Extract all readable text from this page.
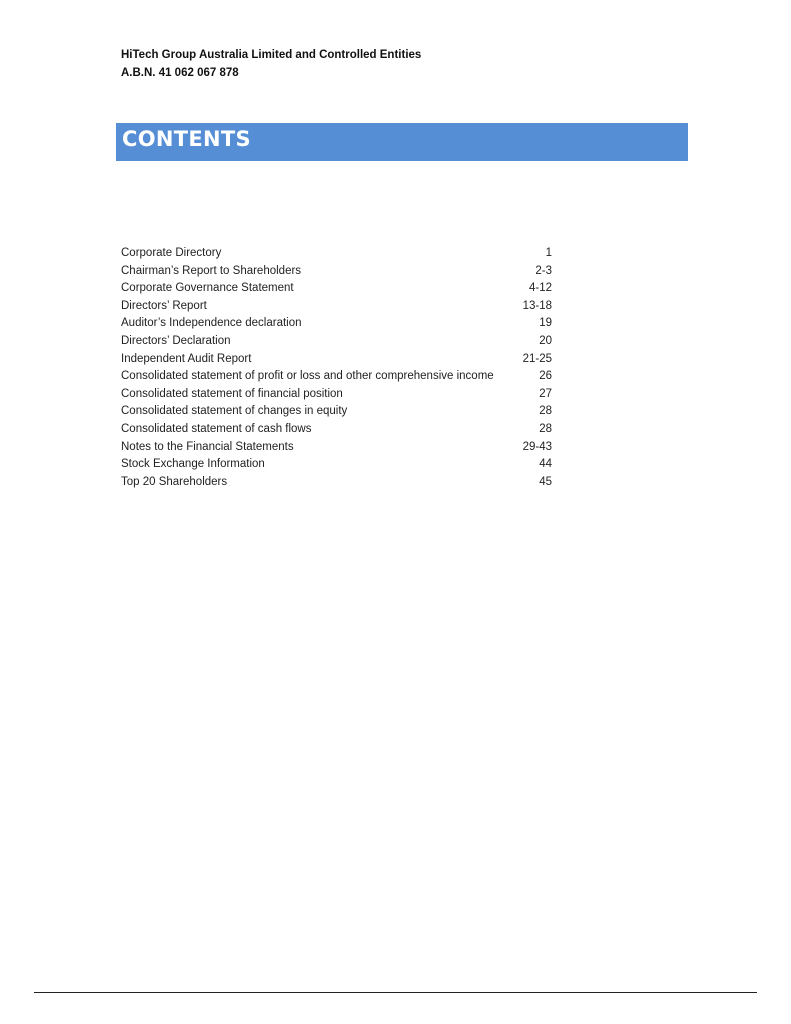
HiTech Group Australia Limited and Controlled Entities
A.B.N. 41 062 067 878
CONTENTS
Corporate Directory	1
Chairman’s Report to Shareholders	2-3
Corporate Governance Statement	4-12
Directors’ Report	13-18
Auditor’s Independence declaration	19
Directors’ Declaration	20
Independent Audit Report	21-25
Consolidated statement of profit or loss and other comprehensive income	26
Consolidated statement of financial position	27
Consolidated statement of changes in equity	28
Consolidated statement of cash flows	28
Notes to the Financial Statements	29-43
Stock Exchange Information	44
Top 20 Shareholders	45
